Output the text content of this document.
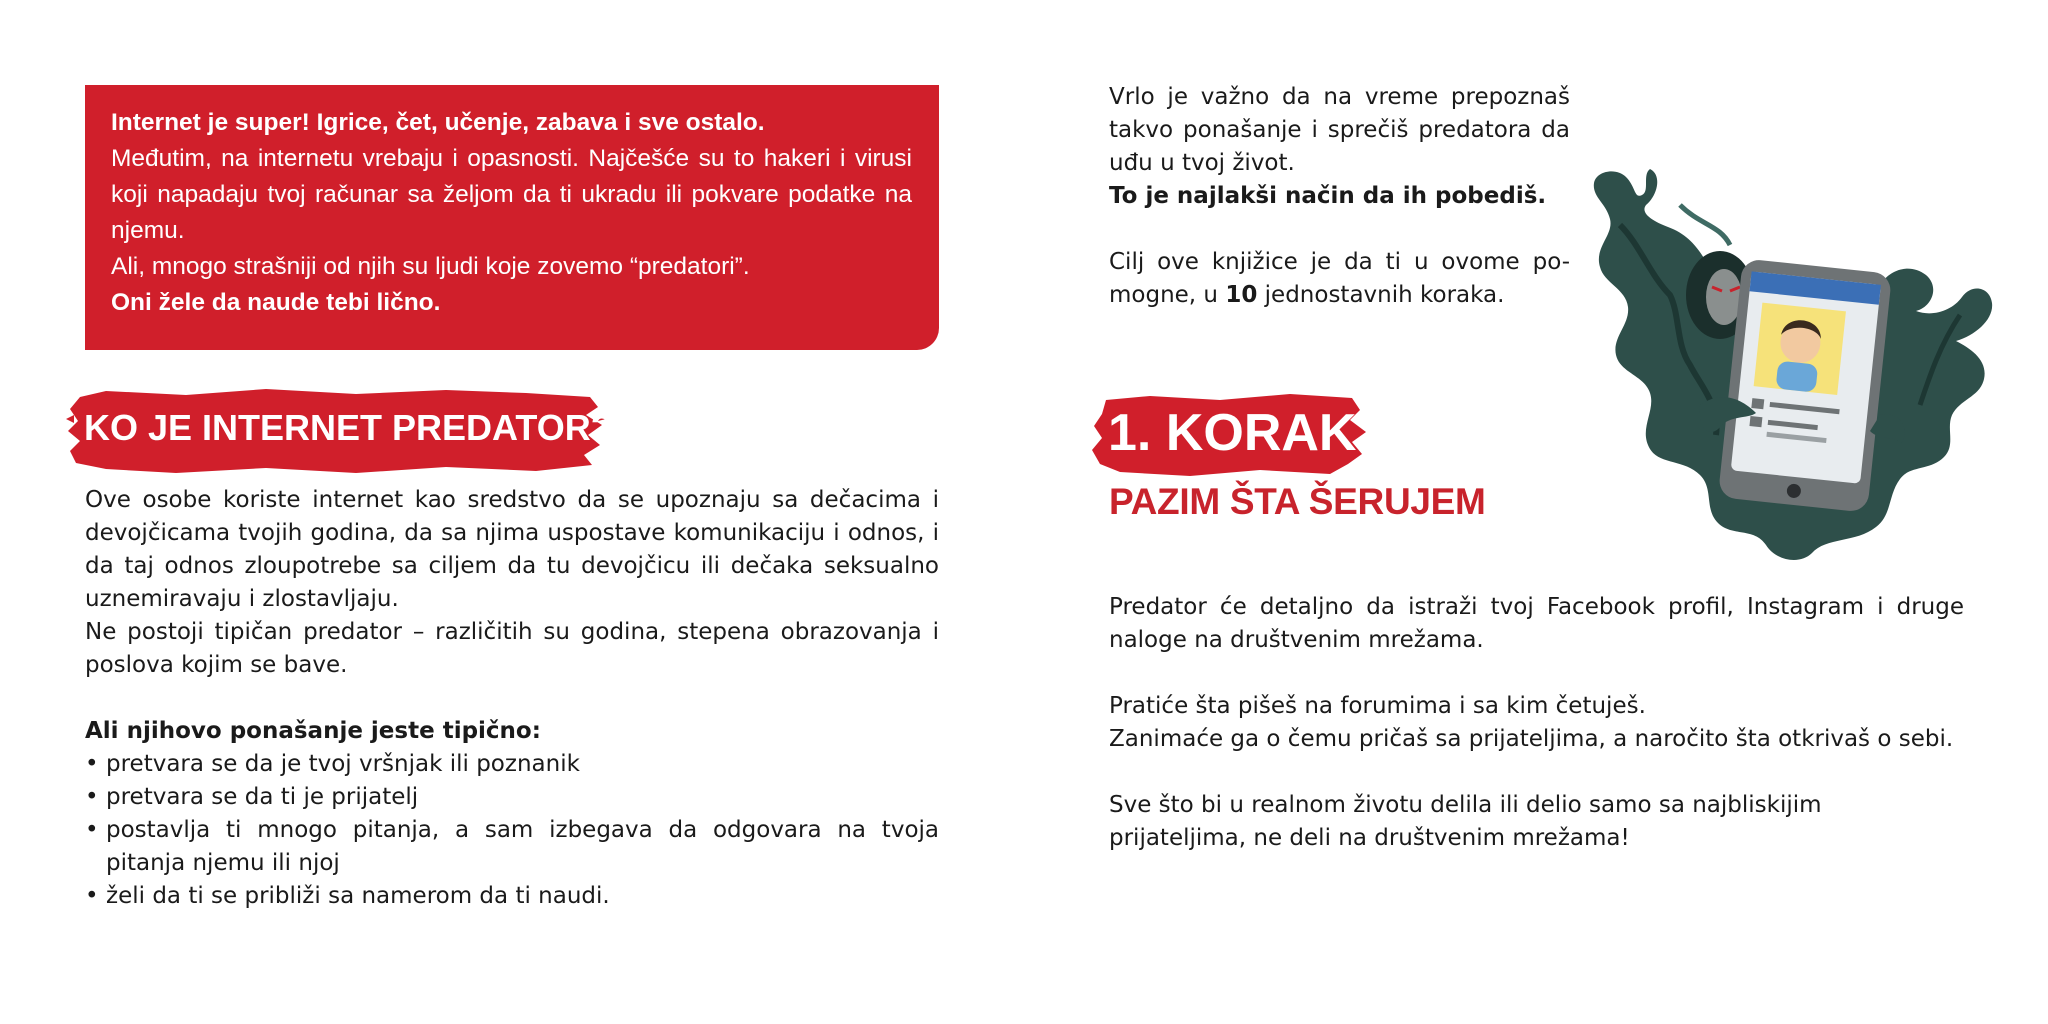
Internet je super! Igrice, čet, učenje, zabava i sve ostalo.

Međutim, na internetu vrebaju i opasnosti. Najčešće su to hakeri i virusi koji napadaju tvoj računar sa željom da ti ukradu ili pokvare podatke na njemu.

Ali, mnogo strašniji od njih su ljudi koje zovemo “predatori”.

Oni žele da naude tebi lično.

KO JE INTERNET PREDATOR?

Ove osobe koriste internet kao sredstvo da se upoznaju sa dečacima i devojčicama tvojih godina, da sa njima uspostave komunikaciju i odnos, i da taj odnos zloupotrebe sa ciljem da tu devojčicu ili dečaka seksualno uznemiravaju i zlostavljaju.

Ne postoji tipičan predator – različitih su godina, stepena obrazovanja i poslova kojim se bave.

Ali njihovo ponašanje jeste tipično:

• pretvara se da je tvoj vršnjak ili poznanik
• pretvara se da ti je prijatelj
• postavlja ti mnogo pitanja, a sam izbegava da odgovara na tvoja pitanja njemu ili njoj
• želi da ti se približi sa namerom da ti naudi.

Vrlo je važno da na vreme prepoznaš takvo ponašanje i sprečiš predatora da uđu u tvoj život.

To je najlakši način da ih pobediš.

Cilj ove knjižice je da ti u ovome po-mogne, u 10 jednostavnih koraka.

1. KORAK
PAZIM ŠTA ŠERUJEM

Predator će detaljno da istraži tvoj Facebook profil, Instagram i druge naloge na društvenim mrežama.

Pratiće šta pišeš na forumima i sa kim četuješ.

Zanimaće ga o čemu pričaš sa prijateljima, a naročito šta otkrivaš o sebi.

Sve što bi u realnom životu delila ili delio samo sa najbliskijim prijateljima, ne deli na društvenim mrežama!
